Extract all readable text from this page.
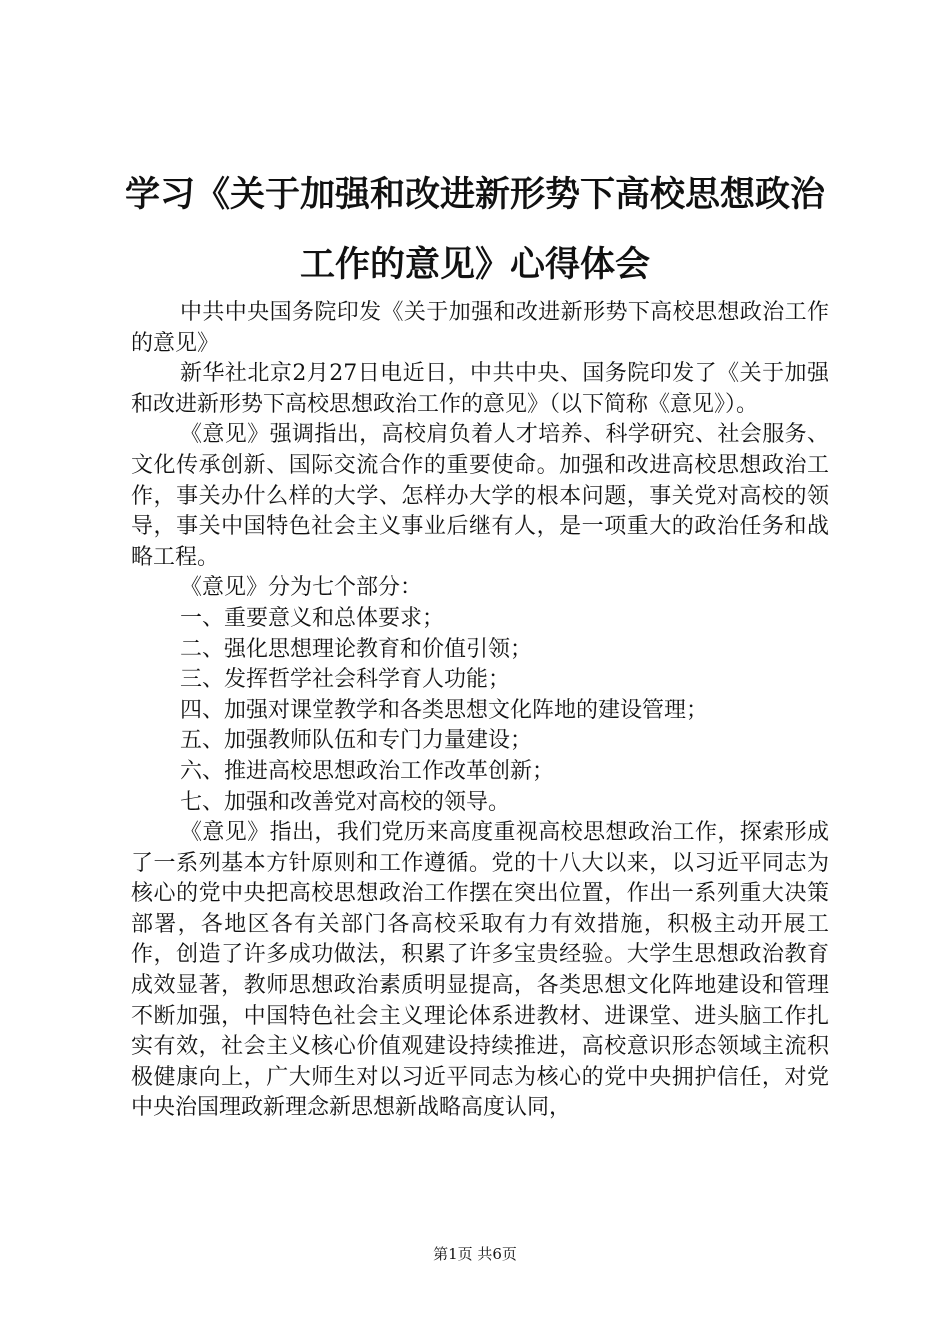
学习《关于加强和改进新形势下高校思想政治
工作的意见》心得体会

中共中央国务院印发《关于加强和改进新形势下高校思想政治工作的意见》

新华社北京2月27日电近日，中共中央、国务院印发了《关于加强和改进新形势下高校思想政治工作的意见》（以下简称《意见》）。

《意见》强调指出，高校肩负着人才培养、科学研究、社会服务、文化传承创新、国际交流合作的重要使命。加强和改进高校思想政治工作，事关办什么样的大学、怎样办大学的根本问题，事关党对高校的领导，事关中国特色社会主义事业后继有人，是一项重大的政治任务和战略工程。

《意见》分为七个部分：

一、重要意义和总体要求；

二、强化思想理论教育和价值引领；

三、发挥哲学社会科学育人功能；

四、加强对课堂教学和各类思想文化阵地的建设管理；

五、加强教师队伍和专门力量建设；

六、推进高校思想政治工作改革创新；

七、加强和改善党对高校的领导。

《意见》指出，我们党历来高度重视高校思想政治工作，探索形成了一系列基本方针原则和工作遵循。党的十八大以来，以习近平同志为核心的党中央把高校思想政治工作摆在突出位置，作出一系列重大决策部署，各地区各有关部门各高校采取有力有效措施，积极主动开展工作，创造了许多成功做法，积累了许多宝贵经验。大学生思想政治教育成效显著，教师思想政治素质明显提高，各类思想文化阵地建设和管理不断加强，中国特色社会主义理论体系进教材、进课堂、进头脑工作扎实有效，社会主义核心价值观建设持续推进，高校意识形态领域主流积极健康向上，广大师生对以习近平同志为核心的党中央拥护信任，对党中央治国理政新理念新思想新战略高度认同，

第1页 共6页
